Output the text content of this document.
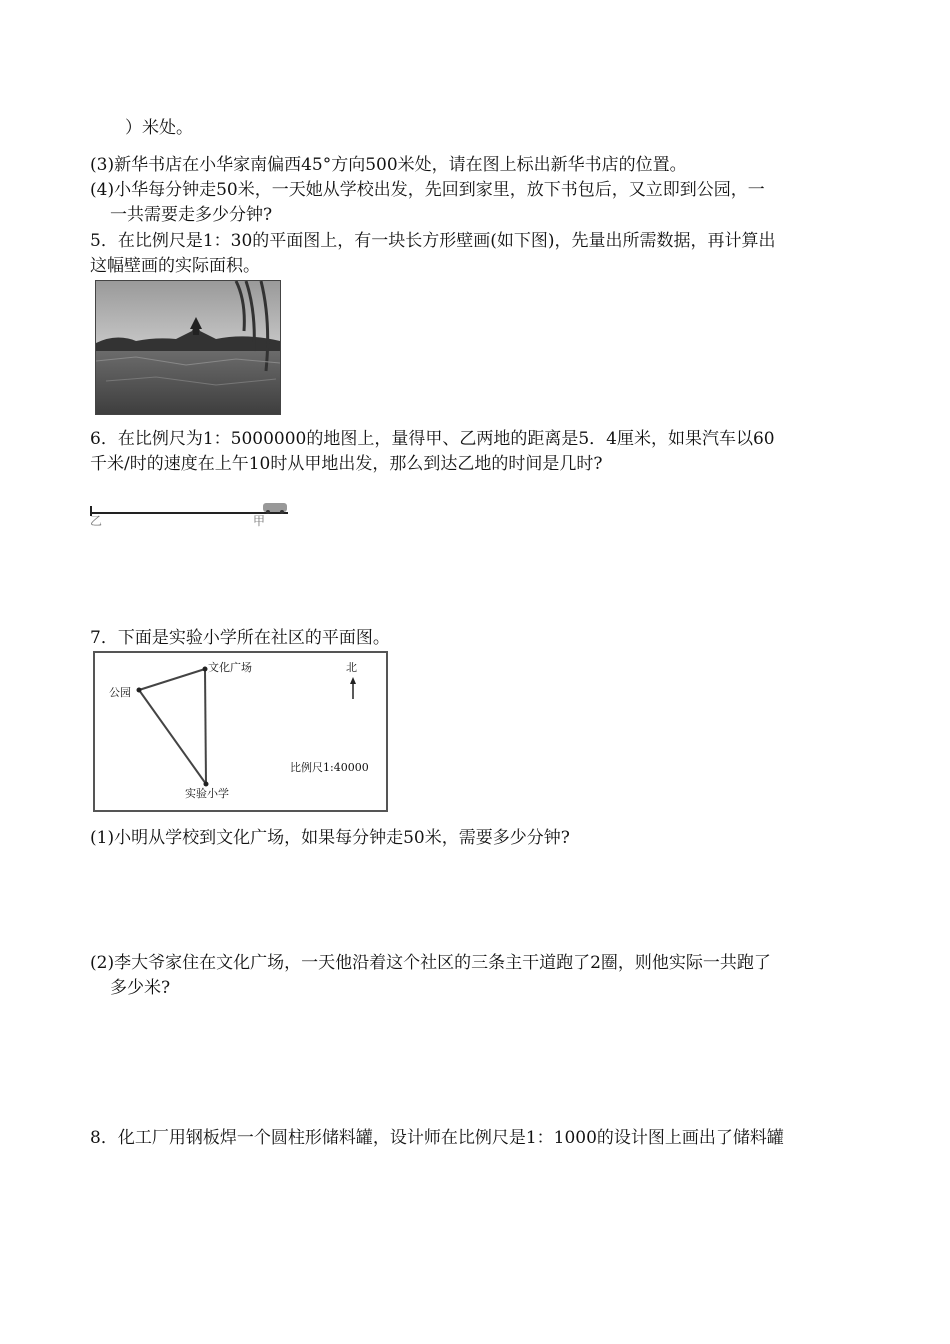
）米处。
(3)新华书店在小华家南偏西45°方向500米处，请在图上标出新华书店的位置。
(4)小华每分钟走50米，一天她从学校出发，先回到家里，放下书包后，又立即到公园，一
一共需要走多少分钟?
5．在比例尺是1：30的平面图上，有一块长方形壁画(如下图)，先量出所需数据，再计算出
这幅壁画的实际面积。
6．在比例尺为1：5000000的地图上，量得甲、乙两地的距离是5．4厘米，如果汽车以60
千米/时的速度在上午10时从甲地出发，那么到达乙地的时间是几时?
乙	甲
7．下面是实验小学所在社区的平面图。
文化广场
公园
实验小学
北
比例尺1:40000
(1)小明从学校到文化广场，如果每分钟走50米，需要多少分钟?
(2)李大爷家住在文化广场，一天他沿着这个社区的三条主干道跑了2圈，则他实际一共跑了
多少米?
8．化工厂用钢板焊一个圆柱形储料罐，设计师在比例尺是1：1000的设计图上画出了储料罐
